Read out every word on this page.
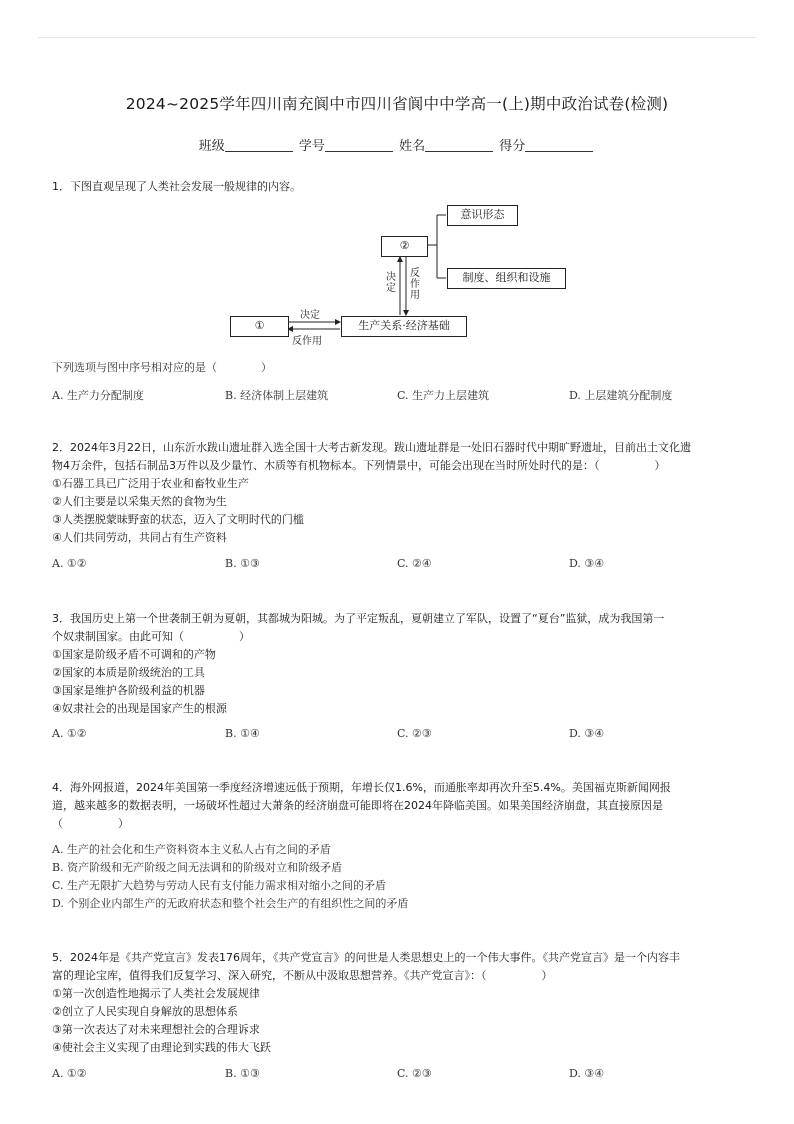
2024~2025学年四川南充阆中市四川省阆中中学高一(上)期中政治试卷(检测)
班级	学号	姓名	得分
1．下图直观呈现了人类社会发展一般规律的内容。
意识形态
②
制度、组织和设施
①	生产关系·经济基础
决定
反作用
决
定
反
作
用
下列选项与图中序号相对应的是（　　　　）
A. 生产力分配制度	B. 经济体制上层建筑	C. 生产力上层建筑	D. 上层建筑分配制度
2．2024年3月22日，山东沂水跋山遗址群入选全国十大考古新发现。跋山遗址群是一处旧石器时代中期旷野遗址，目前出土文化遗
物4万余件，包括石制品3万件以及少量竹、木质等有机物标本。下列情景中，可能会出现在当时所处时代的是：（　　　　　）
①石器工具已广泛用于农业和畜牧业生产
②人们主要是以采集天然的食物为生
③人类摆脱蒙昧野蛮的状态，迈入了文明时代的门槛
④人们共同劳动，共同占有生产资料
A. ①②	B. ①③	C. ②④	D. ③④
3．我国历史上第一个世袭制王朝为夏朝，其都城为阳城。为了平定叛乱，夏朝建立了军队，设置了“夏台”监狱，成为我国第一
个奴隶制国家。由此可知（　　　　　）
①国家是阶级矛盾不可调和的产物
②国家的本质是阶级统治的工具
③国家是维护各阶级利益的机器
④奴隶社会的出现是国家产生的根源
A. ①②	B. ①④	C. ②③	D. ③④
4．海外网报道，2024年美国第一季度经济增速远低于预期，年增长仅1.6%，而通胀率却再次升至5.4%。美国福克斯新闻网报
道，越来越多的数据表明，一场破坏性超过大萧条的经济崩盘可能即将在2024年降临美国。如果美国经济崩盘，其直接原因是
（　　　　　）
A. 生产的社会化和生产资料资本主义私人占有之间的矛盾
B. 资产阶级和无产阶级之间无法调和的阶级对立和阶级矛盾
C. 生产无限扩大趋势与劳动人民有支付能力需求相对缩小之间的矛盾
D. 个别企业内部生产的无政府状态和整个社会生产的有组织性之间的矛盾
5．2024年是《共产党宣言》发表176周年，《共产党宣言》的问世是人类思想史上的一个伟大事件。《共产党宣言》是一个内容丰
富的理论宝库，值得我们反复学习、深入研究，不断从中汲取思想营养。《共产党宣言》：（　　　　　）
①第一次创造性地揭示了人类社会发展规律
②创立了人民实现自身解放的思想体系
③第一次表达了对未来理想社会的合理诉求
④使社会主义实现了由理论到实践的伟大飞跃
A. ①②	B. ①③	C. ②③	D. ③④
